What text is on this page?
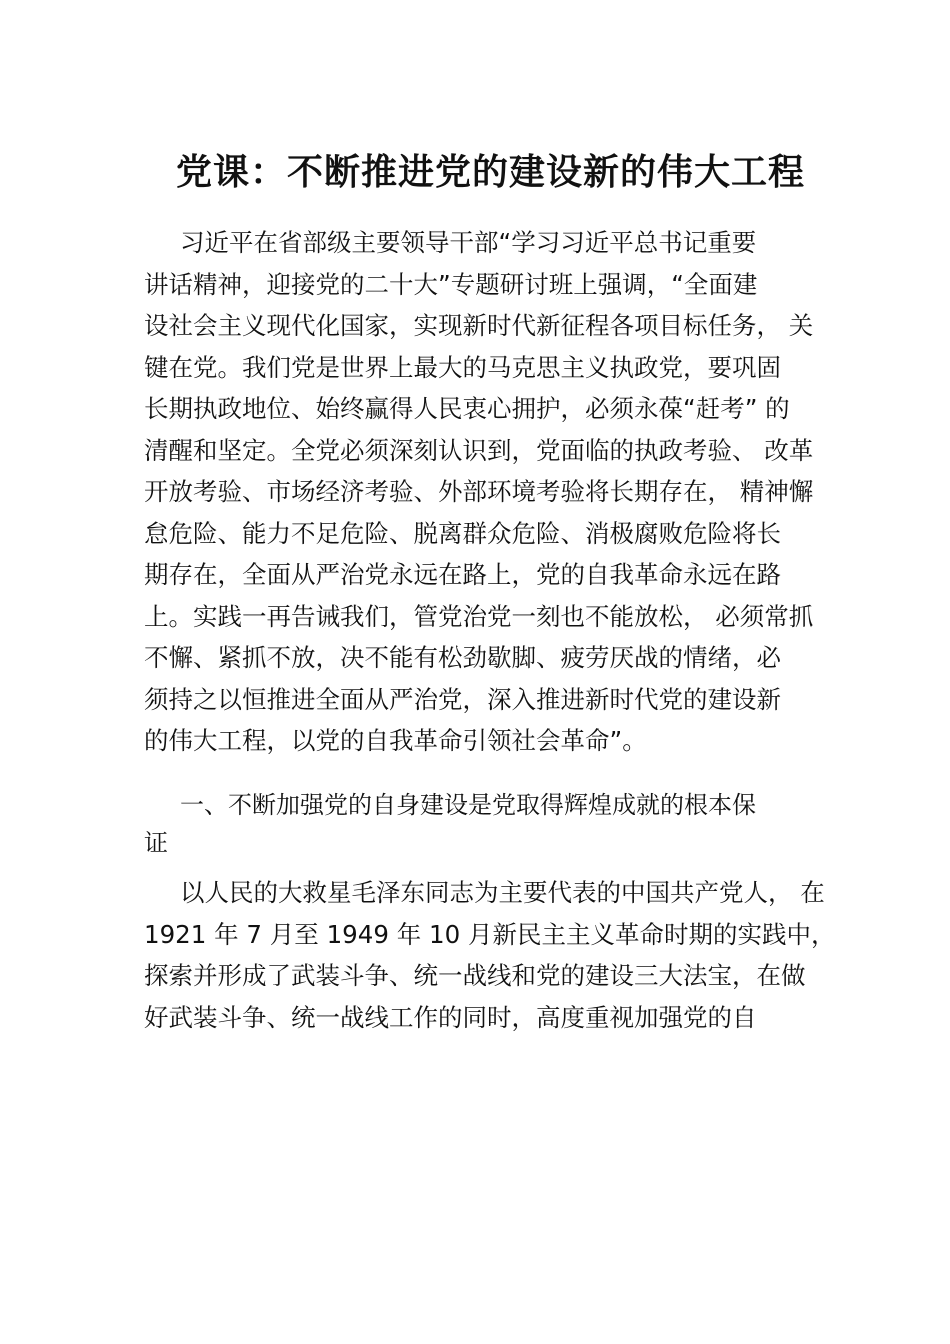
党课：不断推进党的建设新的伟大工程
习近平在省部级主要领导干部“学习习近平总书记重要
讲话精神，迎接党的二十大”专题研讨班上强调，“全面建
设社会主义现代化国家，实现新时代新征程各项目标任务， 关
键在党。我们党是世界上最大的马克思主义执政党，要巩固
长期执政地位、始终赢得人民衷心拥护，必须永葆“赶考” 的
清醒和坚定。全党必须深刻认识到，党面临的执政考验、 改革
开放考验、市场经济考验、外部环境考验将长期存在， 精神懈
怠危险、能力不足危险、脱离群众危险、消极腐败危险将长
期存在，全面从严治党永远在路上，党的自我革命永远在路
上。实践一再告诫我们，管党治党一刻也不能放松， 必须常抓
不懈、紧抓不放，决不能有松劲歇脚、疲劳厌战的情绪，必
须持之以恒推进全面从严治党，深入推进新时代党的建设新
的伟大工程，以党的自我革命引领社会革命”。
一、不断加强党的自身建设是党取得辉煌成就的根本保
证
以人民的大救星毛泽东同志为主要代表的中国共产党人， 在
1921 年 7 月至 1949 年 10 月新民主主义革命时期的实践中，
探索并形成了武装斗争、统一战线和党的建设三大法宝，在做
好武装斗争、统一战线工作的同时，高度重视加强党的自
